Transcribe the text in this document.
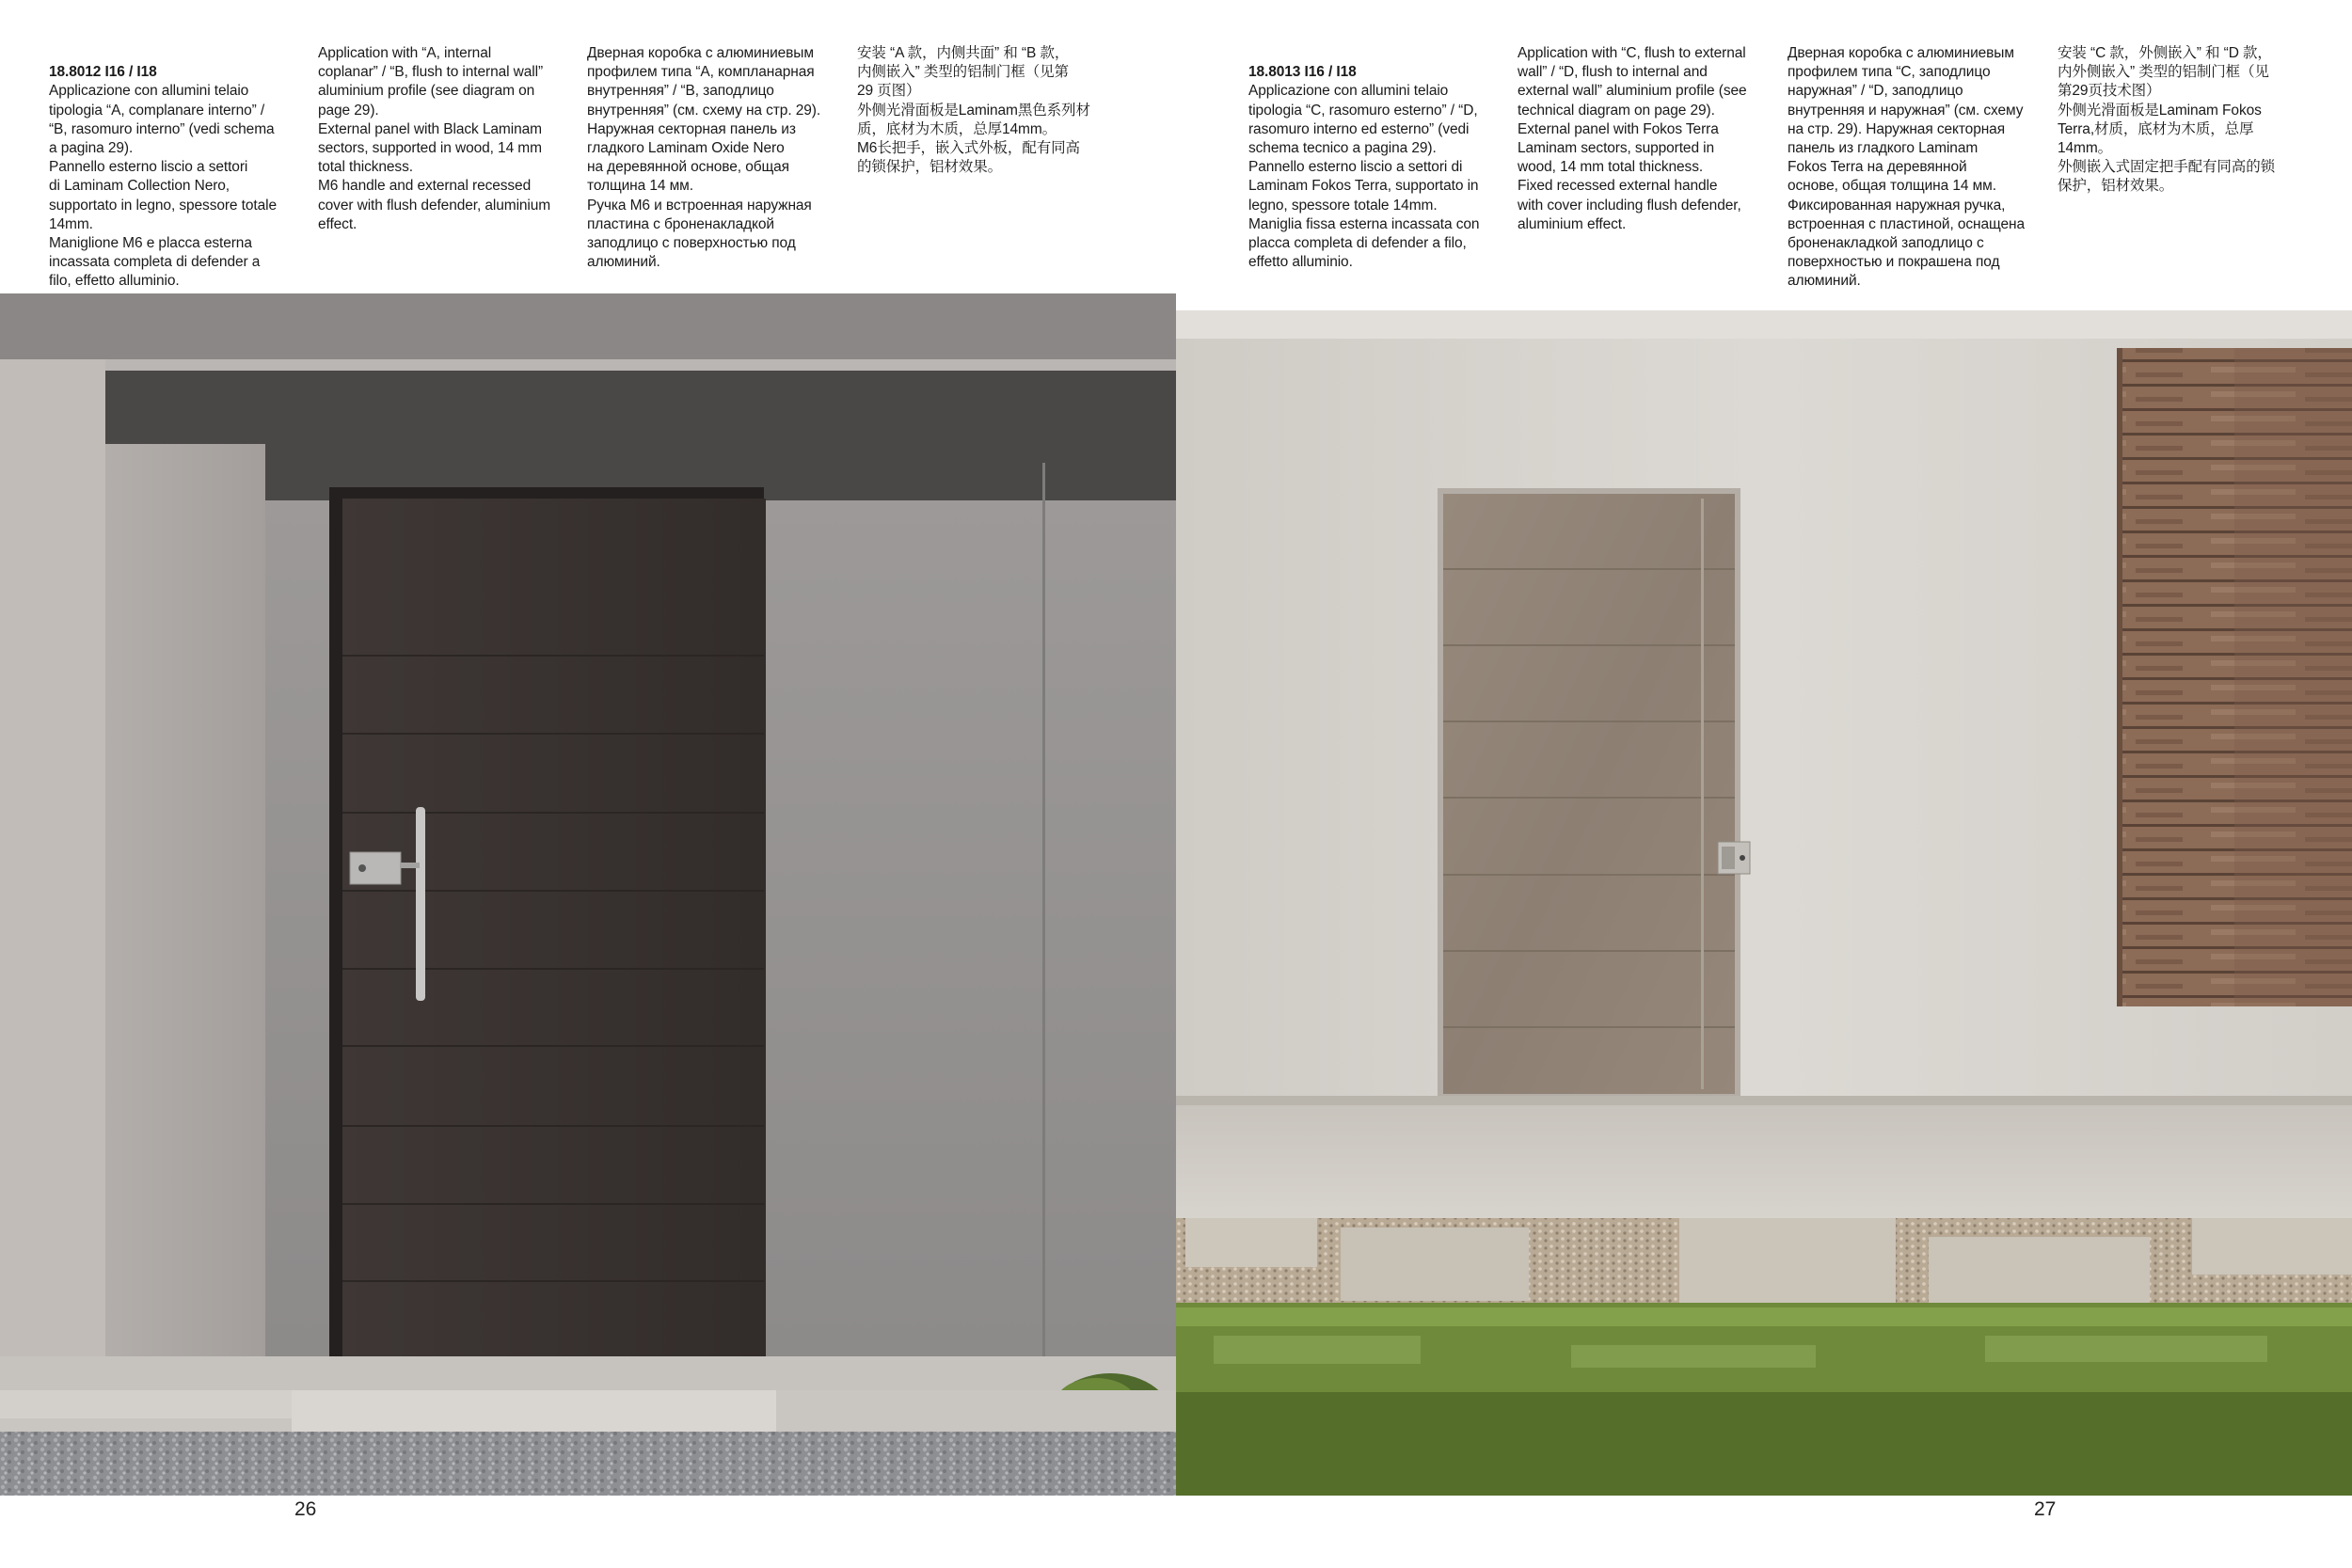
18.8012 I16 / I18
Applicazione con allumini telaio
tipologia “A, complanare interno” /
“B, rasomuro interno” (vedi schema
a pagina 29).
Pannello esterno liscio a settori
di Laminam Collection Nero,
supportato in legno, spessore totale
14mm.
Maniglione M6 e placca esterna
incassata completa di defender a
filo, effetto alluminio.

Application with “A, internal
coplanar” / “B, flush to internal wall”
aluminium profile (see diagram on
page 29).
External panel with Black Laminam
sectors, supported in wood, 14 mm
total thickness.
M6 handle and external recessed
cover with flush defender, aluminium
effect.
Дверная коробка с алюминиевым
профилем типа “A, компланарная
внутренняя” / “B, заподлицо
внутренняя” (см. схему на стр. 29).
Наружная секторная панель из
гладкого Laminam Oxide Nero
на деревянной основе, общая
толщина 14 мм.
Ручка M6 и встроенная наружная
пластина с броненакладкой
заподлицо с поверхностью под
алюминий.
安装 “A 款，内侧共面” 和 “B 款，
内侧嵌入” 类型的铝制门框（见第
29 页图）
外侧光滑面板是Laminam黑色系列材
质，底材为木质，总厚14mm。
M6长把手，嵌入式外板，配有同高
的锁保护，铝材效果。

18.8013 I16 / I18
Applicazione con allumini telaio
tipologia “C, rasomuro esterno” / “D,
rasomuro interno ed esterno” (vedi
schema tecnico a pagina 29).
Pannello esterno liscio a settori di
Laminam Fokos Terra, supportato in
legno, spessore totale 14mm.
Maniglia fissa esterna incassata con
placca completa di defender a filo,
effetto alluminio.

Application with “C, flush to external
wall” / “D, flush to internal and
external wall” aluminium profile (see
technical diagram on page 29).
External panel with Fokos Terra
Laminam sectors, supported in
wood, 14 mm total thickness.
Fixed recessed external handle
with cover including flush defender,
aluminium effect.
Дверная коробка с алюминиевым
профилем типа “C, заподлицо
наружная” / “D, заподлицо
внутренняя и наружная” (см. схему
на стр. 29). Наружная секторная
панель из гладкого Laminam
Fokos Terra на деревянной
основе, общая толщина 14 мм.
Фиксированная наружная ручка,
встроенная с пластиной, оснащена
броненакладкой заподлицо с
поверхностью и покрашена под
алюминий.
安装 “C 款，外侧嵌入” 和 “D 款，
内外侧嵌入” 类型的铝制门框（见
第29页技术图）
外侧光滑面板是Laminam Fokos
Terra,材质，底材为木质，总厚
14mm。
外侧嵌入式固定把手配有同高的锁
保护，铝材效果。
26	27
